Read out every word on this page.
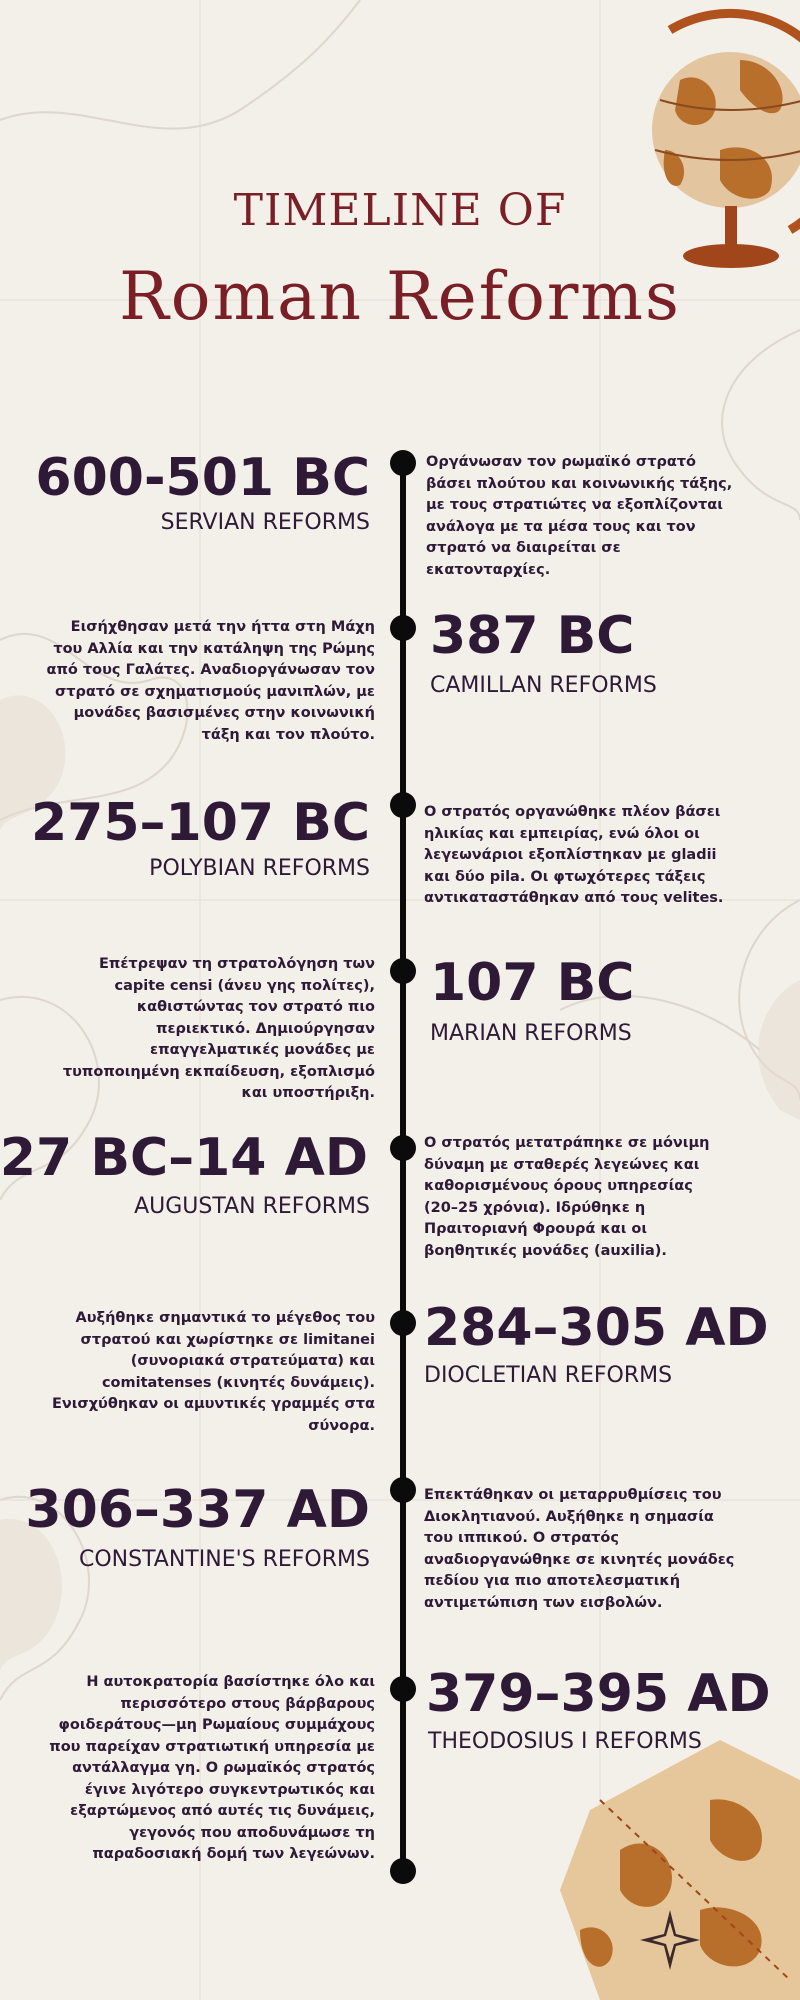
TIMELINE OF
Roman Reforms
600-501 BC
SERVIAN REFORMS
Οργάνωσαν τον ρωμαϊκό στρατό βάσει πλούτου και κοινωνικής τάξης, με τους στρατιώτες να εξοπλίζονται ανάλογα με τα μέσα τους και τον στρατό να διαιρείται σε εκατονταρχίες.
Εισήχθησαν μετά την ήττα στη Μάχη του Αλλία και την κατάληψη της Ρώμης από τους Γαλάτες. Αναδιοργάνωσαν τον στρατό σε σχηματισμούς μανιπλών, με μονάδες βασισμένες στην κοινωνική τάξη και τον πλούτο.
387 BC
CAMILLAN REFORMS
275–107 BC
POLYBIAN REFORMS
Ο στρατός οργανώθηκε πλέον βάσει ηλικίας και εμπειρίας, ενώ όλοι οι λεγεωνάριοι εξοπλίστηκαν με gladii και δύο pila. Οι φτωχότερες τάξεις αντικαταστάθηκαν από τους velites.
Επέτρεψαν τη στρατολόγηση των capite censi (άνευ γης πολίτες), καθιστώντας τον στρατό πιο περιεκτικό. Δημιούργησαν επαγγελματικές μονάδες με τυποποιημένη εκπαίδευση, εξοπλισμό και υποστήριξη.
107 BC
MARIAN REFORMS
27 BC–14 AD
AUGUSTAN REFORMS
Ο στρατός μετατράπηκε σε μόνιμη δύναμη με σταθερές λεγεώνες και καθορισμένους όρους υπηρεσίας (20–25 χρόνια). Ιδρύθηκε η Πραιτοριανή Φρουρά και οι βοηθητικές μονάδες (auxilia).
Αυξήθηκε σημαντικά το μέγεθος του στρατού και χωρίστηκε σε limitanei (συνοριακά στρατεύματα) και comitatenses (κινητές δυνάμεις). Ενισχύθηκαν οι αμυντικές γραμμές στα σύνορα.
284–305 AD
DIOCLETIAN REFORMS
306–337 AD
CONSTANTINE'S REFORMS
Επεκτάθηκαν οι μεταρρυθμίσεις του Διοκλητιανού. Αυξήθηκε η σημασία του ιππικού. Ο στρατός αναδιοργανώθηκε σε κινητές μονάδες πεδίου για πιο αποτελεσματική αντιμετώπιση των εισβολών.
Η αυτοκρατορία βασίστηκε όλο και περισσότερο στους βάρβαρους φοιδεράτους—μη Ρωμαίους συμμάχους που παρείχαν στρατιωτική υπηρεσία με αντάλλαγμα γη. Ο ρωμαϊκός στρατός έγινε λιγότερο συγκεντρωτικός και εξαρτώμενος από αυτές τις δυνάμεις, γεγονός που αποδυνάμωσε τη παραδοσιακή δομή των λεγεώνων.
379–395 AD
THEODOSIUS I REFORMS
